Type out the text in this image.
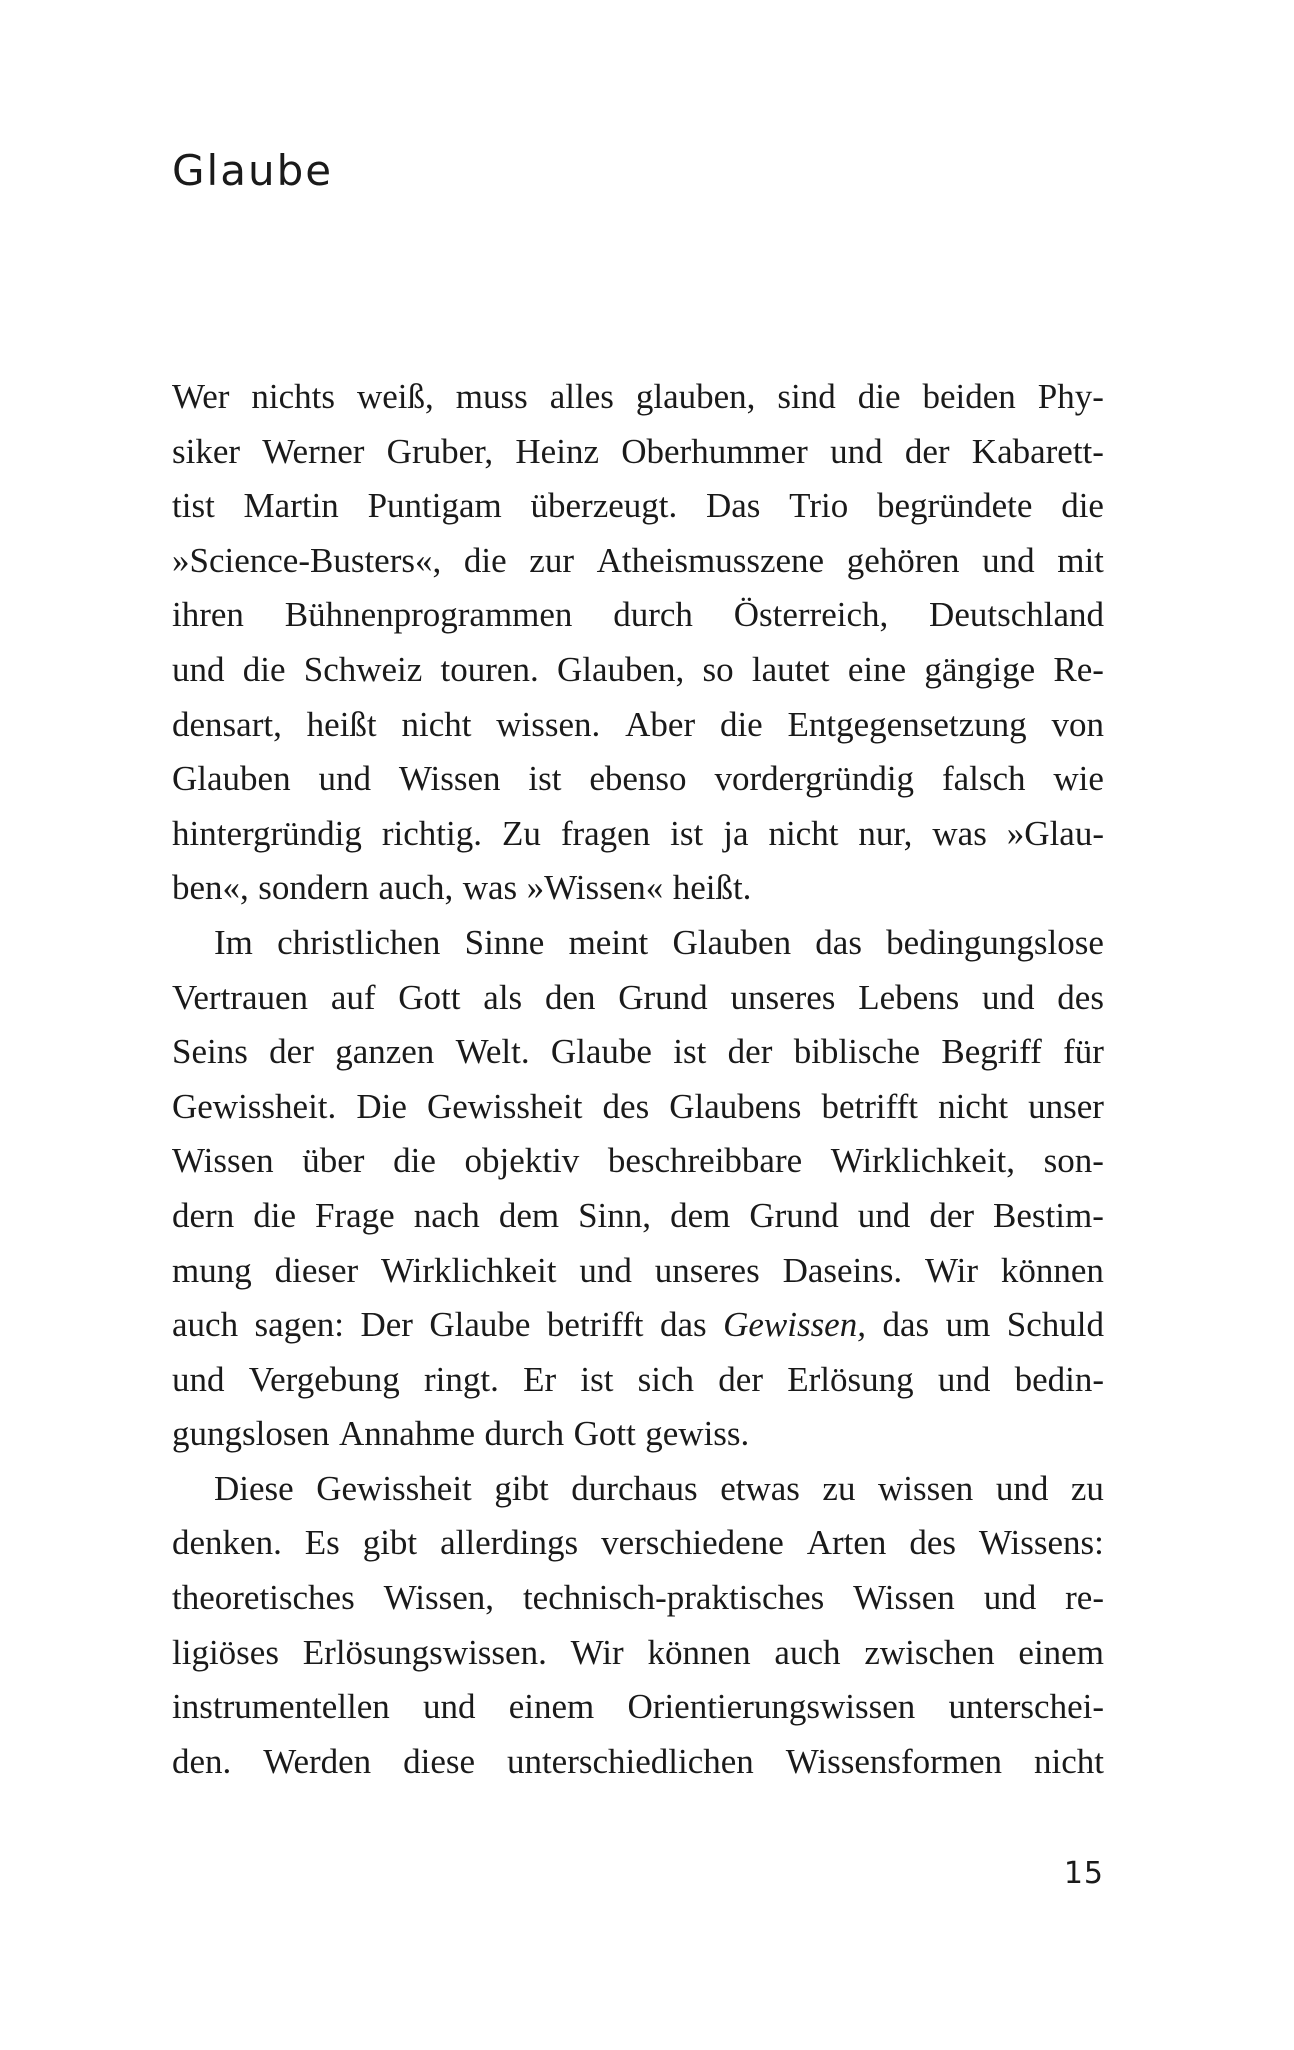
Glaube
Wer nichts weiß, muss alles glauben, sind die beiden Phy-
siker Werner Gruber, Heinz Oberhummer und der Kabarett-
tist Martin Puntigam überzeugt. Das Trio begründete die
»Science-Busters«, die zur Atheismusszene gehören und mit
ihren Bühnenprogrammen durch Österreich, Deutschland
und die Schweiz touren. Glauben, so lautet eine gängige Re-
densart, heißt nicht wissen. Aber die Entgegensetzung von
Glauben und Wissen ist ebenso vordergründig falsch wie
hintergründig richtig. Zu fragen ist ja nicht nur, was »Glau-
ben«, sondern auch, was »Wissen« heißt.
Im christlichen Sinne meint Glauben das bedingungslose
Vertrauen auf Gott als den Grund unseres Lebens und des
Seins der ganzen Welt. Glaube ist der biblische Begriff für
Gewissheit. Die Gewissheit des Glaubens betrifft nicht unser
Wissen über die objektiv beschreibbare Wirklichkeit, son-
dern die Frage nach dem Sinn, dem Grund und der Bestim-
mung dieser Wirklichkeit und unseres Daseins. Wir können
auch sagen: Der Glaube betrifft das Gewissen, das um Schuld
und Vergebung ringt. Er ist sich der Erlösung und bedin-
gungslosen Annahme durch Gott gewiss.
Diese Gewissheit gibt durchaus etwas zu wissen und zu
denken. Es gibt allerdings verschiedene Arten des Wissens:
theoretisches Wissen, technisch-praktisches Wissen und re-
ligiöses Erlösungswissen. Wir können auch zwischen einem
instrumentellen und einem Orientierungswissen unterschei-
den. Werden diese unterschiedlichen Wissensformen nicht
15
